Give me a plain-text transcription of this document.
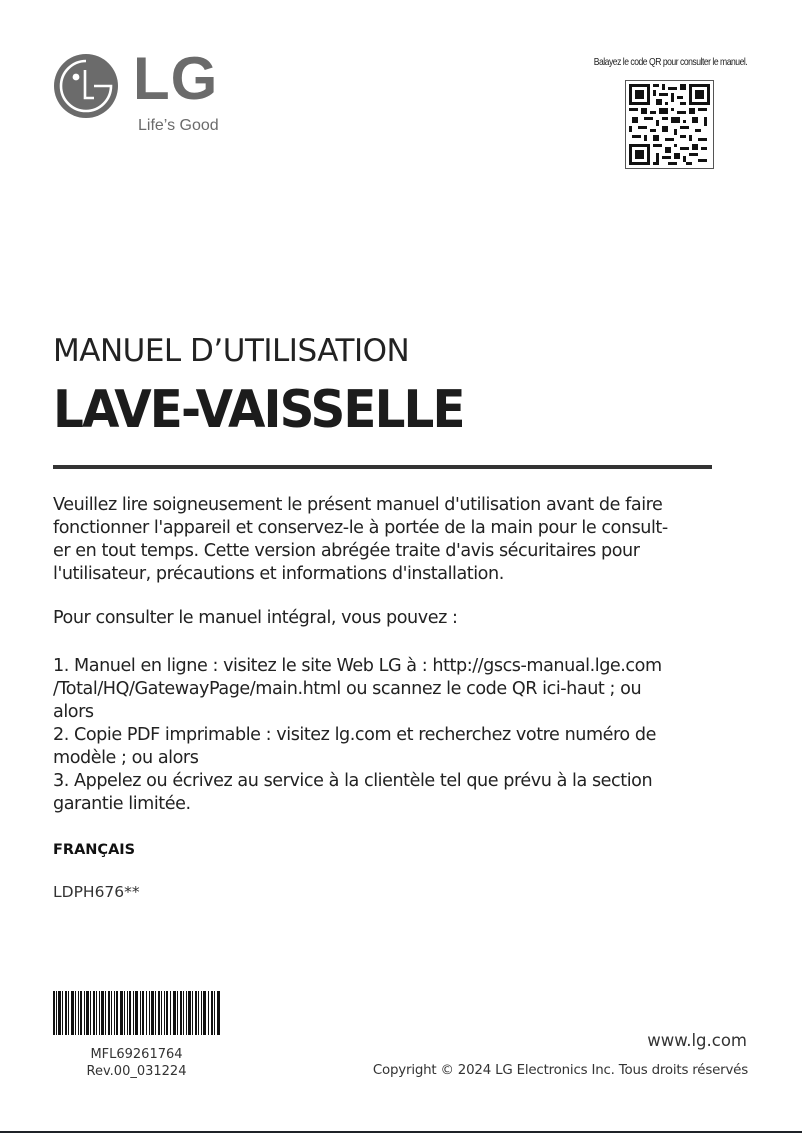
LG
Life’s Good
Balayez le code QR pour consulter le manuel.
MANUEL D’UTILISATION
LAVE-VAISSELLE
Veuillez lire soigneusement le présent manuel d'utilisation avant de faire
fonctionner l'appareil et conservez-le à portée de la main pour le consult-
er en tout temps. Cette version abrégée traite d'avis sécuritaires pour
l'utilisateur, précautions et informations d'installation.
Pour consulter le manuel intégral, vous pouvez :
1. Manuel en ligne : visitez le site Web LG à : http://gscs-manual.lge.com
/Total/HQ/GatewayPage/main.html ou scannez le code QR ici-haut ; ou
alors
2. Copie PDF imprimable : visitez lg.com et recherchez votre numéro de
modèle ; ou alors
3. Appelez ou écrivez au service à la clientèle tel que prévu à la section
garantie limitée.
FRANÇAIS
LDPH676**
MFL69261764
Rev.00_031224
www.lg.com
Copyright © 2024 LG Electronics Inc. Tous droits réservés
